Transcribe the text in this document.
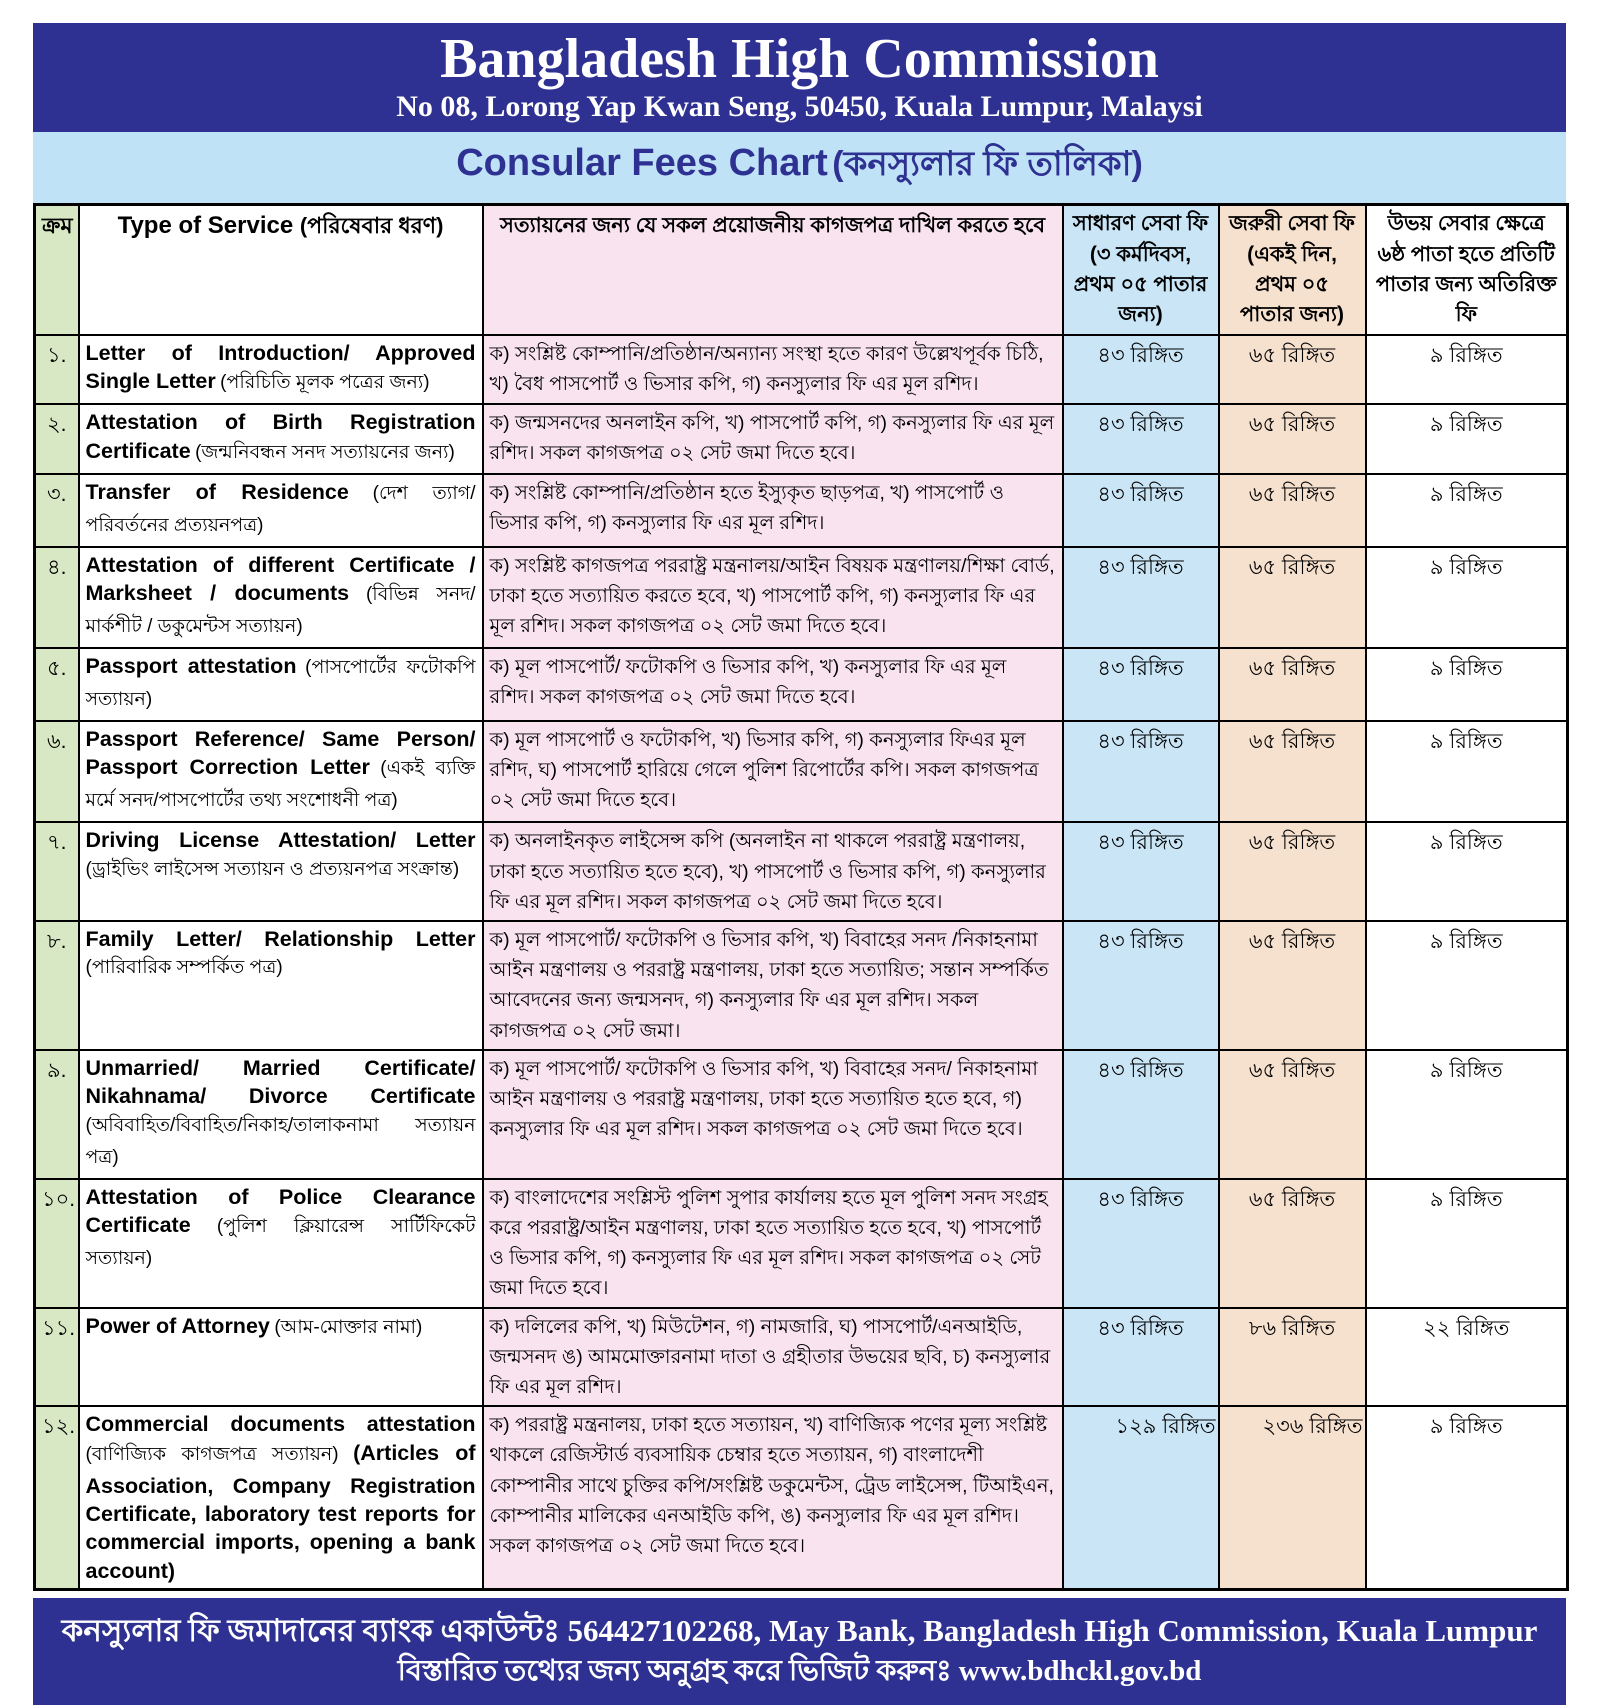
Bangladesh High Commission
No 08, Lorong Yap Kwan Seng, 50450, Kuala Lumpur, Malaysi
Consular Fees Chart (কনস্যুলার ফি তালিকা)
ক্রম	Type of Service (পরিষেবার ধরণ)	সত্যায়নের জন্য যে সকল প্রয়োজনীয় কাগজপত্র দাখিল করতে হবে	সাধারণ সেবা ফি (৩ কর্মদিবস, প্রথম ০৫ পাতার জন্য)	জরুরী সেবা ফি (একই দিন, প্রথম ০৫ পাতার জন্য)	উভয় সেবার ক্ষেত্রে ৬ষ্ঠ পাতা হতে প্রতিটি পাতার জন্য অতিরিক্ত ফি
১.	Letter of Introduction/ Approved Single Letter (পরিচিতি মূলক পত্রের জন্য)	ক) সংশ্লিষ্ট কোম্পানি/প্রতিষ্ঠান/অন্যান্য সংস্থা হতে কারণ উল্লেখপূর্বক চিঠি, খ) বৈধ পাসপোর্ট ও ভিসার কপি, গ) কনস্যুলার ফি এর মূল রশিদ।	৪৩ রিঙ্গিত	৬৫ রিঙ্গিত	৯ রিঙ্গিত
২.	Attestation of Birth Registration Certificate (জন্মনিবন্ধন সনদ সত্যায়নের জন্য)	ক) জন্মসনদের অনলাইন কপি, খ) পাসপোর্ট কপি, গ) কনস্যুলার ফি এর মূল রশিদ। সকল কাগজপত্র ০২ সেট জমা দিতে হবে।	৪৩ রিঙ্গিত	৬৫ রিঙ্গিত	৯ রিঙ্গিত
৩.	Transfer of Residence (দেশ ত্যাগ/পরিবর্তনের প্রত্যয়নপত্র)	ক) সংশ্লিষ্ট কোম্পানি/প্রতিষ্ঠান হতে ইস্যুকৃত ছাড়পত্র, খ) পাসপোর্ট ও ভিসার কপি, গ) কনস্যুলার ফি এর মূল রশিদ।	৪৩ রিঙ্গিত	৬৫ রিঙ্গিত	৯ রিঙ্গিত
৪.	Attestation of different Certificate / Marksheet / documents (বিভিন্ন সনদ/মার্কশীট / ডকুমেন্টস সত্যায়ন)	ক) সংশ্লিষ্ট কাগজপত্র পররাষ্ট্র মন্ত্রনালয়/আইন বিষয়ক মন্ত্রণালয়/শিক্ষা বোর্ড, ঢাকা হতে সত্যায়িত করতে হবে, খ) পাসপোর্ট কপি, গ) কনস্যুলার ফি এর মূল রশিদ। সকল কাগজপত্র ০২ সেট জমা দিতে হবে।	৪৩ রিঙ্গিত	৬৫ রিঙ্গিত	৯ রিঙ্গিত
৫.	Passport attestation (পাসপোর্টের ফটোকপি সত্যায়ন)	ক) মূল পাসপোর্ট/ ফটোকপি ও ভিসার কপি, খ) কনস্যুলার ফি এর মূল রশিদ। সকল কাগজপত্র ০২ সেট জমা দিতে হবে।	৪৩ রিঙ্গিত	৬৫ রিঙ্গিত	৯ রিঙ্গিত
৬.	Passport Reference/ Same Person/ Passport Correction Letter (একই ব্যক্তি মর্মে সনদ/পাসপোর্টের তথ্য সংশোধনী পত্র)	ক) মূল পাসপোর্ট ও ফটোকপি, খ) ভিসার কপি, গ) কনস্যুলার ফিএর মূল রশিদ, ঘ) পাসপোর্ট হারিয়ে গেলে পুলিশ রিপোর্টের কপি। সকল কাগজপত্র ০২ সেট জমা দিতে হবে।	৪৩ রিঙ্গিত	৬৫ রিঙ্গিত	৯ রিঙ্গিত
৭.	Driving License Attestation/ Letter (ড্রাইভিং লাইসেন্স সত্যায়ন ও প্রত্যয়নপত্র সংক্রান্ত)	ক) অনলাইনকৃত লাইসেন্স কপি (অনলাইন না থাকলে পররাষ্ট্র মন্ত্রণালয়, ঢাকা হতে সত্যায়িত হতে হবে), খ) পাসপোর্ট ও ভিসার কপি, গ) কনস্যুলার ফি এর মূল রশিদ। সকল কাগজপত্র ০২ সেট জমা দিতে হবে।	৪৩ রিঙ্গিত	৬৫ রিঙ্গিত	৯ রিঙ্গিত
৮.	Family Letter/ Relationship Letter (পারিবারিক সম্পর্কিত পত্র)	ক) মূল পাসপোর্ট/ ফটোকপি ও ভিসার কপি, খ) বিবাহের সনদ /নিকাহনামা আইন মন্ত্রণালয় ও পররাষ্ট্র মন্ত্রণালয়, ঢাকা হতে সত্যায়িত; সন্তান সম্পর্কিত আবেদনের জন্য জন্মসনদ, গ) কনস্যুলার ফি এর মূল রশিদ। সকল কাগজপত্র ০২ সেট জমা।	৪৩ রিঙ্গিত	৬৫ রিঙ্গিত	৯ রিঙ্গিত
৯.	Unmarried/ Married Certificate/ Nikahnama/ Divorce Certificate (অবিবাহিত/বিবাহিত/নিকাহ/তালাকনামা সত্যায়ন পত্র)	ক) মূল পাসপোর্ট/ ফটোকপি ও ভিসার কপি, খ) বিবাহের সনদ/ নিকাহনামা আইন মন্ত্রণালয় ও পররাষ্ট্র মন্ত্রণালয়, ঢাকা হতে সত্যায়িত হতে হবে, গ) কনস্যুলার ফি এর মূল রশিদ। সকল কাগজপত্র ০২ সেট জমা দিতে হবে।	৪৩ রিঙ্গিত	৬৫ রিঙ্গিত	৯ রিঙ্গিত
১০.	Attestation of Police Clearance Certificate (পুলিশ ক্লিয়ারেন্স সার্টিফিকেট সত্যায়ন)	ক) বাংলাদেশের সংশ্লিস্ট পুলিশ সুপার কার্যালয় হতে মূল পুলিশ সনদ সংগ্রহ করে পররাষ্ট্র/আইন মন্ত্রণালয়, ঢাকা হতে সত্যায়িত হতে হবে, খ) পাসপোর্ট ও ভিসার কপি, গ) কনস্যুলার ফি এর মূল রশিদ। সকল কাগজপত্র ০২ সেট জমা দিতে হবে।	৪৩ রিঙ্গিত	৬৫ রিঙ্গিত	৯ রিঙ্গিত
১১.	Power of Attorney (আম-মোক্তার নামা)	ক) দলিলের কপি, খ) মিউটেশন, গ) নামজারি, ঘ) পাসপোর্ট/এনআইডি, জন্মসনদ ঙ) আমমোক্তারনামা দাতা ও গ্রহীতার উভয়ের ছবি, চ) কনস্যুলার ফি এর মূল রশিদ।	৪৩ রিঙ্গিত	৮৬ রিঙ্গিত	২২ রিঙ্গিত
১২.	Commercial documents attestation (বাণিজ্যিক কাগজপত্র সত্যায়ন) (Articles of Association, Company Registration Certificate, laboratory test reports for commercial imports, opening a bank account)	ক) পররাষ্ট্র মন্ত্রনালয়, ঢাকা হতে সত্যায়ন, খ) বাণিজ্যিক পণের মূল্য সংশ্লিষ্ট থাকলে রেজিস্টার্ড ব্যবসায়িক চেম্বার হতে সত্যায়ন, গ) বাংলাদেশী কোম্পানীর সাথে চুক্তির কপি/সংশ্লিষ্ট ডকুমেন্টস, ট্রেড লাইসেন্স, টিআইএন, কোম্পানীর মালিকের এনআইডি কপি, ঙ) কনস্যুলার ফি এর মূল রশিদ। সকল কাগজপত্র ০২ সেট জমা দিতে হবে।	১২৯ রিঙ্গিত	২৩৬ রিঙ্গিত	৯ রিঙ্গিত
কনস্যুলার ফি জমাদানের ব্যাংক একাউন্টঃ 564427102268, May Bank, Bangladesh High Commission, Kuala Lumpur
বিস্তারিত তথ্যের জন্য অনুগ্রহ করে ভিজিট করুনঃ www.bdhckl.gov.bd
